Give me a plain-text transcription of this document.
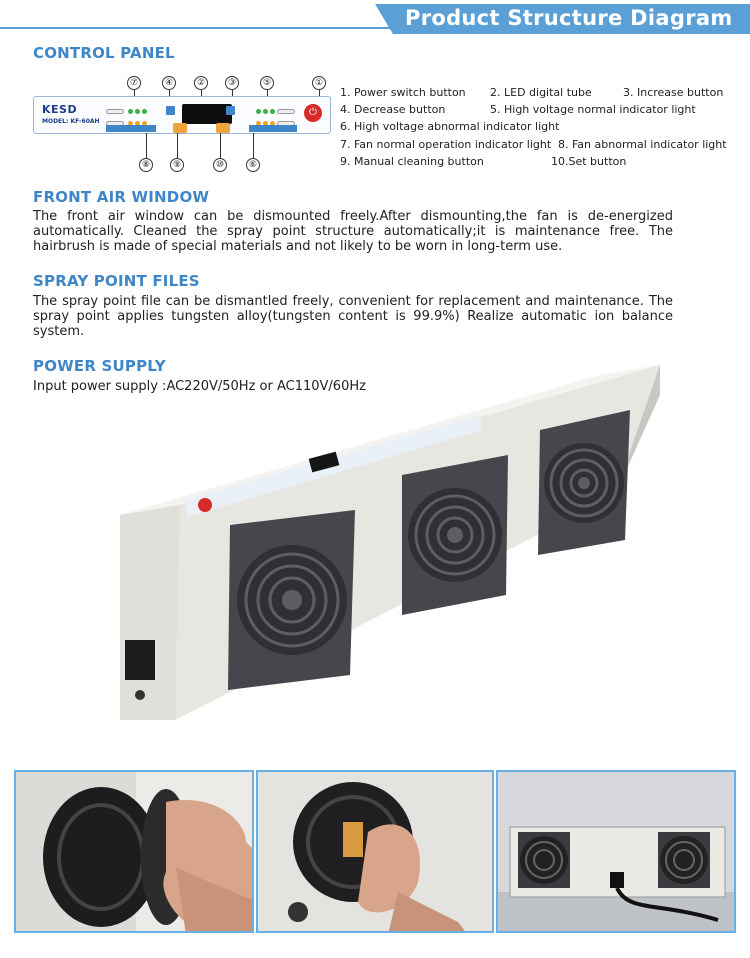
Product Structure Diagram
CONTROL PANEL
⑦	④	②	③	⑤	①
KESD
MODEL: KF-60AH
⏻
⑧	⑨	⑩	⑥
1. Power switch button 2. LED digital tube	3. Increase button
4. Decrease button	5. High voltage normal indicator light
6. High voltage abnormal indicator light
7. Fan normal operation indicator light 8. Fan abnormal indicator light
9. Manual cleaning button	10.Set button
FRONT AIR WINDOW
The front air window can be dismounted freely.After dismounting,the fan is de-energized automatically. Cleaned the spray point structure automatically;it is maintenance free. The hairbrush is made of special materials and not likely to be worn in long-term use.
SPRAY POINT FILES
The spray point file can be dismantled freely, convenient for replacement and maintenance. The spray point applies tungsten alloy(tungsten content is 99.9%) Realize automatic ion balance system.
POWER SUPPLY
Input power supply :AC220V/50Hz or AC110V/60Hz
